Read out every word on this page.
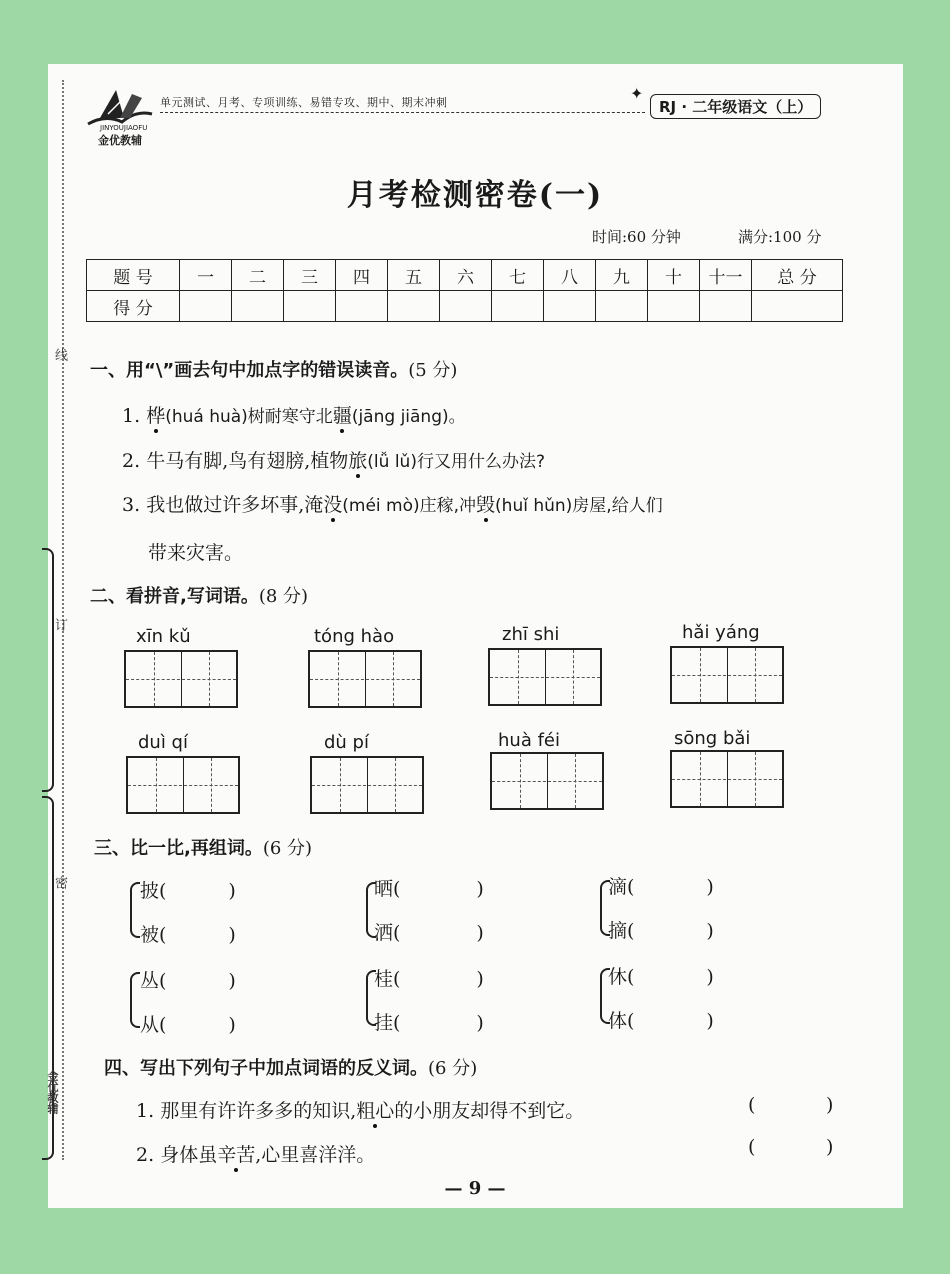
线
订
密
金优教辅
JINYOUJIAOFU
金优教辅
单元测试、月考、专项训练、易错专攻、期中、期末冲刺	✦
RJ · 二年级语文（上）
月考检测密卷(一)
时间:60 分钟	满分:100 分
题 号	一	二	三	四	五	六	七	八	九	十	十一	总 分
得 分												
一、用“\”画去句中加点字的错误读音。(5 分)
1. 桦(huá huà)树耐寒守北疆(jāng jiāng)。
2. 牛马有脚,鸟有翅膀,植物旅(lǚ lǔ)行又用什么办法?
3. 我也做过许多坏事,淹没(méi mò)庄稼,冲毁(huǐ hǔn)房屋,给人们
带来灾害。
二、看拼音,写词语。(8 分)
xīn kǔ	tóng hào	zhī shi	hǎi yáng
duì qí	dù pí	huà féi	sōng bǎi
三、比一比,再组词。(6 分)
披(	)
被(	)
晒(	)
洒(	)
滴(	)
摘(	)
丛(	)
从(	)
桂(	)
挂(	)
休(	)
体(	)
四、写出下列句子中加点词语的反义词。(6 分)
1. 那里有许许多多的知识,粗心的小朋友却得不到它。	(	)
2. 身体虽辛苦,心里喜洋洋。	(	)
— 9 —
